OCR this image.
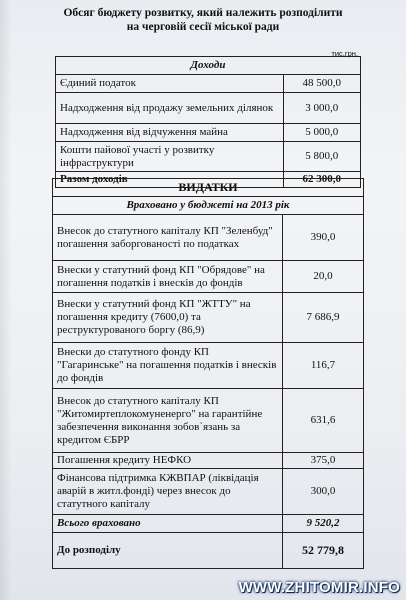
Обсяг бюджету розвитку, який належить розподілити
на черговій сесії міської ради
тис.грн.
Доходи	
Єдиний податок	48 500,0
Надходження від продажу земельних ділянок	3 000,0
Надходження від відчуження майна	5 000,0
Кошти пайової участі у розвитку інфраструктури	5 800,0
Разом доходів	62 300,0
ВИДАТКИ	
Враховано у бюджеті на 2013 рік	
Внесок до статутного капіталу КП "Зеленбуд" погашення заборгованості по податках	390,0
Внески у статутний фонд КП "Обрядове" на погашення податків і внесків до фондів	20,0
Внески у статутний фонд КП "ЖТТУ" на погашення кредиту (7600,0) та реструктурованого боргу (86,9)	7 686,9
Внески до статутного фонду КП "Гагаринське" на погашення податків і внесків до фондів	116,7
Внесок до статутного капіталу КП "Житомиртеплокомуненерго" на гарантійне забезпечення виконання зобов`язань за кредитом ЄБРР	631,6
Погашення кредиту НЕФКО	375,0
Фінансова підтримка КЖВПАР (ліквідація аварій в житл.фонді) через внесок до статутного капіталу	300,0
Всього враховано	9 520,2
До розподілу	52 779,8
WWW.ZHITOMIR.INFO
